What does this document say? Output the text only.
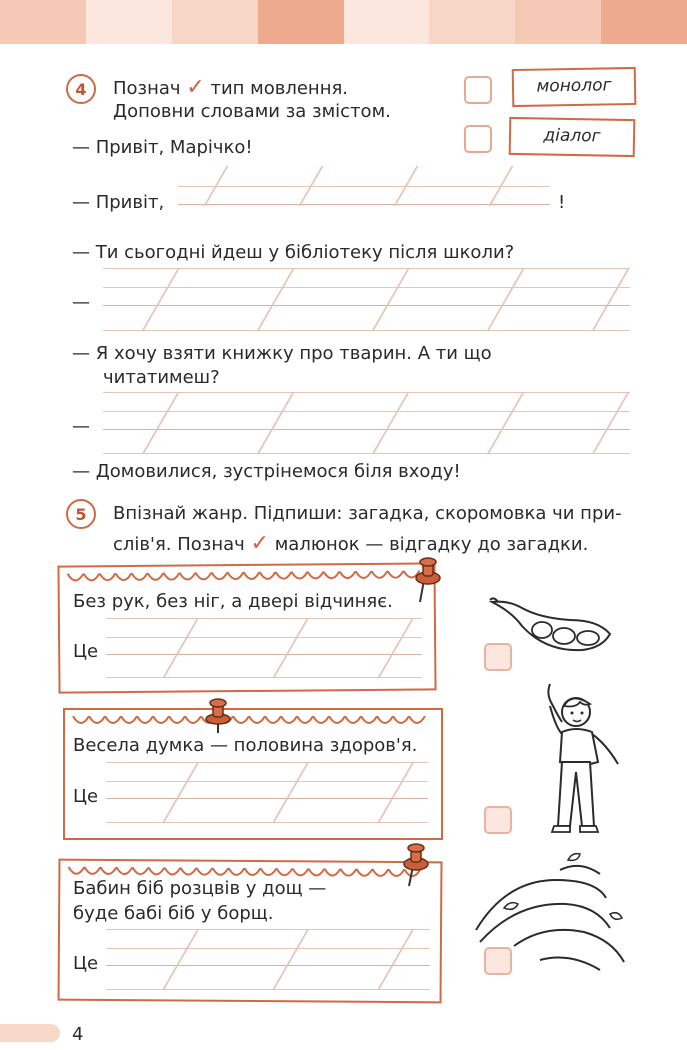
4	Познач ✓ тип мовлення.
Доповни словами за змістом.
монолог
діалог
— Привіт, Марічко!
— Привіт,	!
— Ти сьогодні йдеш у бібліотеку після школи?
—
— Я хочу взяти книжку про тварин. А ти що
читатимеш?
—
— Домовилися, зустрінемося біля входу!
5	Впізнай жанр. Підпиши: загадка, скоромовка чи при-
слів'я. Познач ✓ малюнок — відгадку до загадки.
Без рук, без ніг, а двері відчиняє.
Це
Весела думка — половина здоров'я.
Це
Бабин біб розцвів у дощ —
буде бабі біб у борщ.
Це
4
